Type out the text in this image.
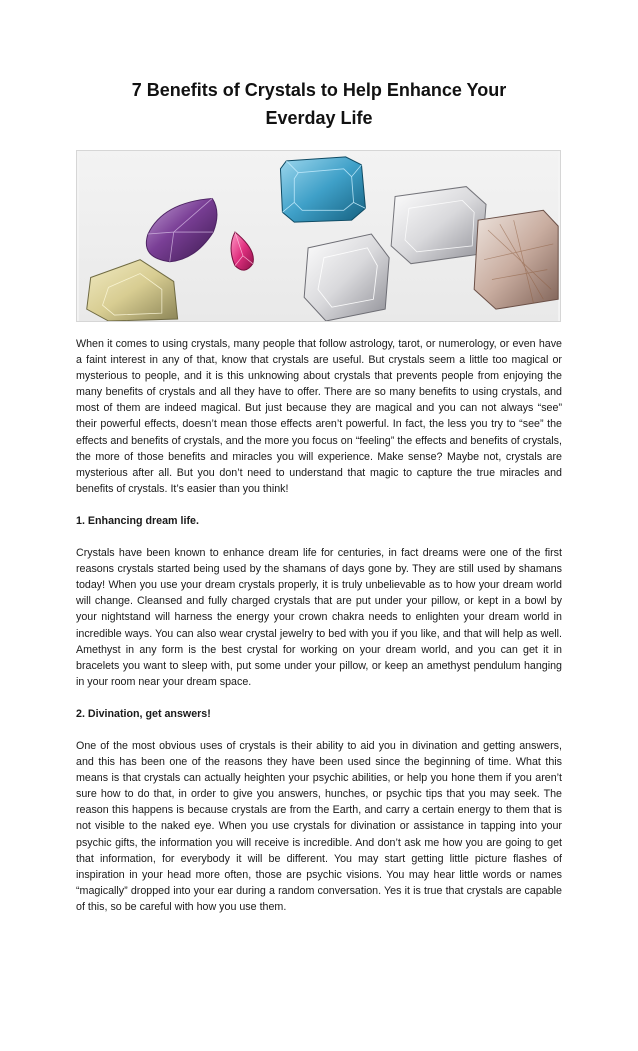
7 Benefits of Crystals to Help Enhance Your
Everday Life

When it comes to using crystals, many people that follow astrology, tarot, or numerology, or even have a faint interest in any of that, know that crystals are useful. But crystals seem a little too magical or mysterious to people, and it is this unknowing about crystals that prevents people from enjoying the many benefits of crystals and all they have to offer. There are so many benefits to using crystals, and most of them are indeed magical. But just because they are magical and you can not always “see” their powerful effects, doesn’t mean those effects aren’t powerful. In fact, the less you try to “see” the effects and benefits of crystals, and the more you focus on “feeling” the effects and benefits of crystals, the more of those benefits and miracles you will experience. Make sense? Maybe not, crystals are mysterious after all. But you don’t need to understand that magic to capture the true miracles and benefits of crystals. It’s easier than you think!

1. Enhancing dream life.

Crystals have been known to enhance dream life for centuries, in fact dreams were one of the first reasons crystals started being used by the shamans of days gone by. They are still used by shamans today! When you use your dream crystals properly, it is truly unbelievable as to how your dream world will change. Cleansed and fully charged crystals that are put under your pillow, or kept in a bowl by your nightstand will harness the energy your crown chakra needs to enlighten your dream world in incredible ways. You can also wear crystal jewelry to bed with you if you like, and that will help as well. Amethyst in any form is the best crystal for working on your dream world, and you can get it in bracelets you want to sleep with, put some under your pillow, or keep an amethyst pendulum hanging in your room near your dream space.

2. Divination, get answers!

One of the most obvious uses of crystals is their ability to aid you in divination and getting answers, and this has been one of the reasons they have been used since the beginning of time. What this means is that crystals can actually heighten your psychic abilities, or help you hone them if you aren’t sure how to do that, in order to give you answers, hunches, or psychic tips that you may seek. The reason this happens is because crystals are from the Earth, and carry a certain energy to them that is not visible to the naked eye. When you use crystals for divination or assistance in tapping into your psychic gifts, the information you will receive is incredible. And don’t ask me how you are going to get that information, for everybody it will be different. You may start getting little picture flashes of inspiration in your head more often, those are psychic visions. You may hear little words or names “magically” dropped into your ear during a random conversation. Yes it is true that crystals are capable of this, so be careful with how you use them.
